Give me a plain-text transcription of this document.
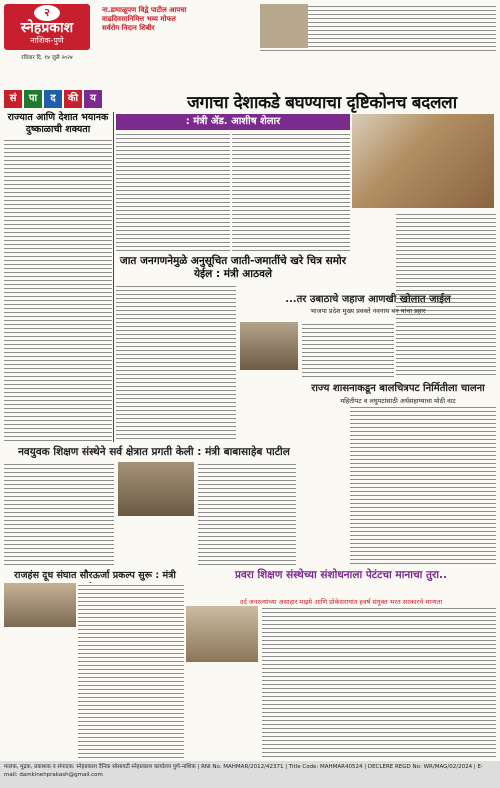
२
स्नेहप्रकाश
नाशिक-पुणे
रविवार दि. १४ जुलै २०२४
ना.डाघाळूपण विद्वे पाटील आपचा वाढदिवसानिमित्त भव्य मोफत सर्वरोग निदान शिबीर
सं	पा	द	की	य	जगाचा देशाकडे बघण्याचा दृष्टिकोनच बदलला
राज्यात आणि देशात भयानक दुष्काळाची शक्यता
: मंत्री ॲड. आशीष शेलार
जात जनगणनेमुळे अनुसूचित जाती-जमातींचे खरे चित्र समोर येईल : मंत्री आठवले
...तर उबाठाचे जहाज आणखी खोलात जाईल
भाजपा प्रदेश मुख्य प्रवक्ते नवनाथ बन यांचा प्रहार
राज्य शासनाकडून बालचित्रपट निर्मितीला चालना
महितीपट व लघुपटांसाठी अर्थसहाय्याचा मोठी वाट
नवयुवक शिक्षण संस्थेने सर्व क्षेत्रात प्रगती केली : मंत्री बाबासाहेब पाटील
राजहंस दूध संघात सौरऊर्जा प्रकल्प सुरू : मंत्री	प्रवरा शिक्षण संस्थेच्या संशोधनाला पेटंटचा मानाचा तुरा..
दर्द जनरल्यांच्या असाहार माझ्ये आणि प्रोकेसरायांत हवर्ष संयुक्त भरत सरकारचे मान्यता
मालक, मुद्रक, प्रकाशक व संपादक: स्नेहप्रकाश दैनिक सोसायटी स्नेहप्रकाश कार्यालय पुणे-नाशिक | RNI No. MAHMAR/2012/42371 | Title Code: MAHMAR40524 | DECLERE REGD No: WR/MAG/02/2024 | E-mail: damkinehprakash@gmail.com
